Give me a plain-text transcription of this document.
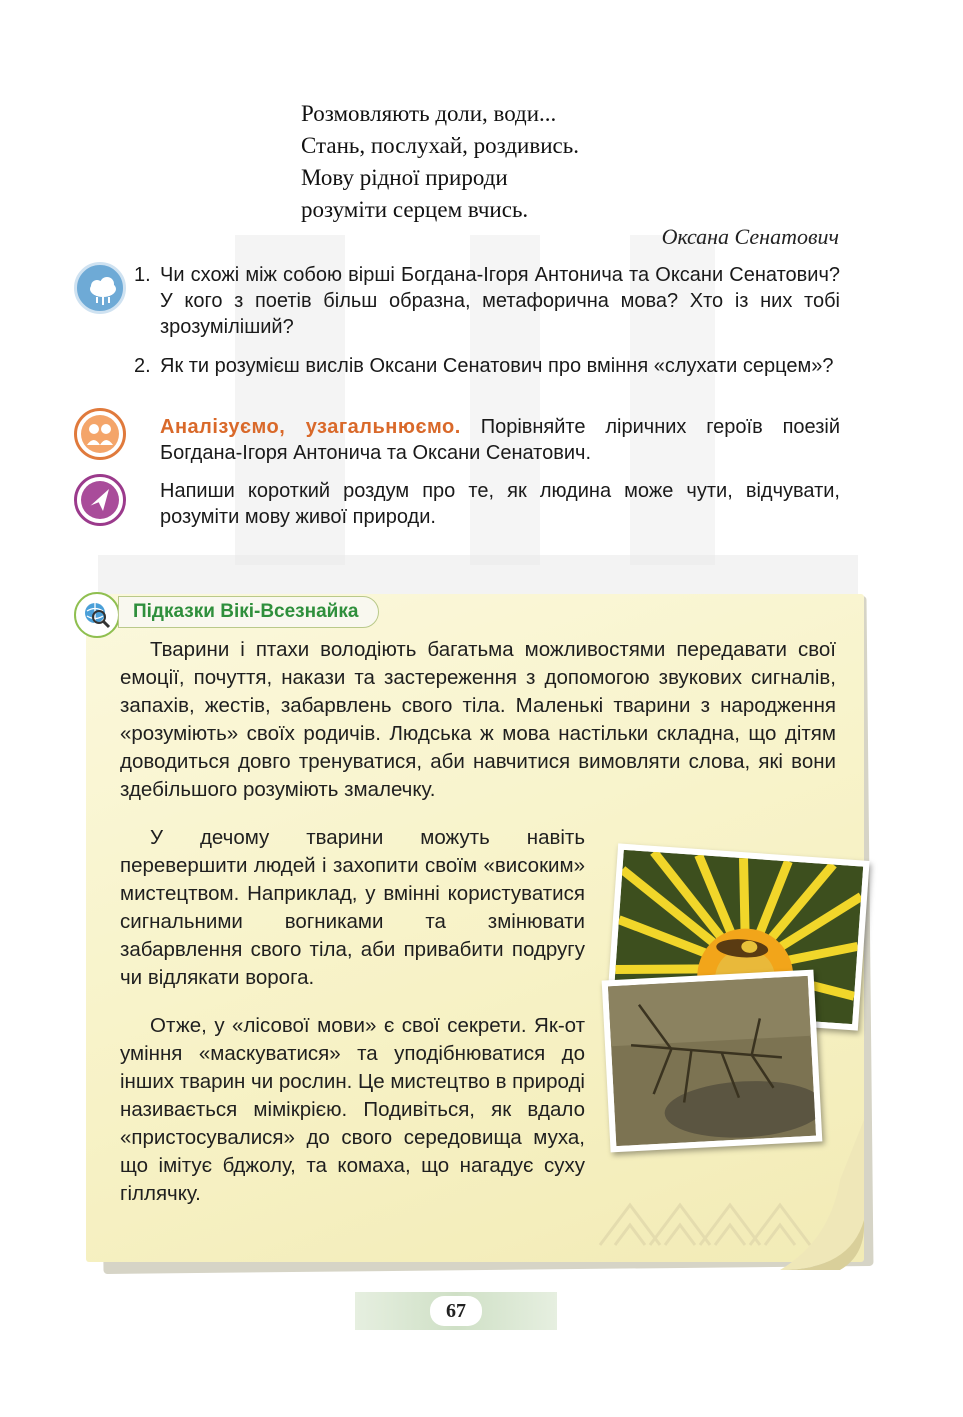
Розмовляють доли, води...
Стань, послухай, роздивись.
Мову рідної природи
розуміти серцем вчись.
Оксана Сенатович
1. Чи схожі між собою вірші Богдана-Ігоря Антонича та Оксани Сенатович? У кого з поетів більш образна, метафорична мова? Хто із них тобі зрозуміліший?
2. Як ти розумієш вислів Оксани Сенатович про вміння «слухати серцем»?
Аналізуємо, узагальнюємо. Порівняйте ліричних героїв поезій Богдана-Ігоря Антонича та Оксани Сенатович.
Напиши короткий роздум про те, як людина може чути, відчувати, розуміти мову живої природи.
Підказки Вікі-Всезнайка

Тварини і птахи володіють багатьма можливостями передавати свої емоції, почуття, накази та застереження з допомогою звукових сигналів, запахів, жестів, забарвлень свого тіла. Маленькі тварини з народження «розуміють» своїх родичів. Людська ж мова настільки складна, що дітям доводиться довго тренуватися, аби навчитися вимовляти слова, які вони здебільшого розуміють змалечку.

У дечому тварини можуть навіть перевершити людей і захопити своїм «високим» мистецтвом. Наприклад, у вмінні користуватися сигнальними вогниками та змінювати забарвлення свого тіла, аби привабити подругу чи відлякати ворога.

Отже, у «лісової мови» є свої секрети. Як-от уміння «маскуватися» та уподібнюватися до інших тварин чи рослин. Це мистецтво в природі називається мімікрією. Подивіться, як вдало «пристосувалися» до свого середовища муха, що імітує бджолу, та комаха, що нагадує суху гіллячку.

67
